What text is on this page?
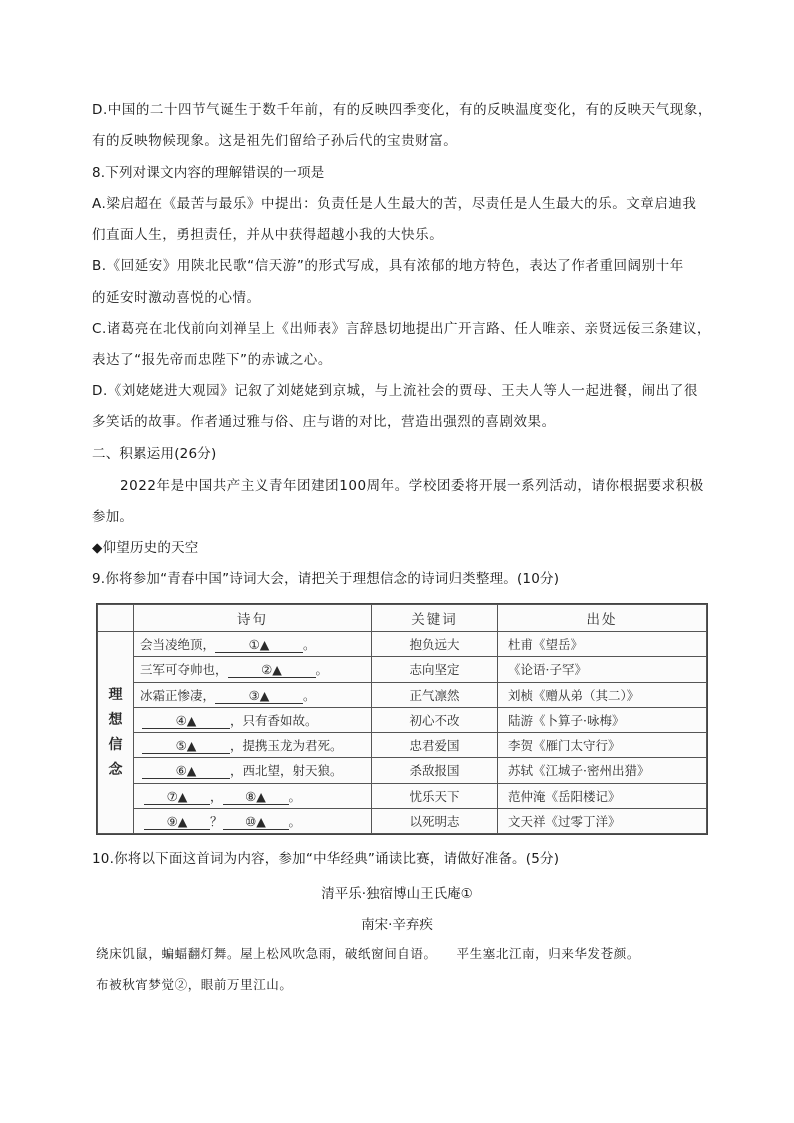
D.中国的二十四节气诞生于数千年前，有的反映四季变化，有的反映温度变化，有的反映天气现象，
有的反映物候现象。这是祖先们留给子孙后代的宝贵财富。
8.下列对课文内容的理解错误的一项是
A.梁启超在《最苦与最乐》中提出：负责任是人生最大的苦，尽责任是人生最大的乐。文章启迪我
们直面人生，勇担责任，并从中获得超越小我的大快乐。
B.《回延安》用陕北民歌“信天游”的形式写成，具有浓郁的地方特色，表达了作者重回阔别十年
的延安时激动喜悦的心情。
C.诸葛亮在北伐前向刘禅呈上《出师表》言辞恳切地提出广开言路、任人唯亲、亲贤远佞三条建议，
表达了“报先帝而忠陛下”的赤诚之心。
D.《刘姥姥进大观园》记叙了刘姥姥到京城，与上流社会的贾母、王夫人等人一起进餐，闹出了很
多笑话的故事。作者通过雅与俗、庄与谐的对比，营造出强烈的喜剧效果。
二、积累运用(26分)
2022年是中国共产主义青年团建团100周年。学校团委将开展一系列活动，请你根据要求积极
参加。
◆仰望历史的天空
9.你将参加“青春中国”诗词大会，请把关于理想信念的诗词归类整理。(10分)
	诗句	关键词	出处

理
想
信
念	会当凌绝顶， ①▲ 。	抱负远大	杜甫《望岳》
	三军可夺帅也， ②▲ 。	志向坚定	《论语·子罕》
	冰霜正惨凄， ③▲ 。	正气凛然	刘桢《赠从弟（其二）》
	④▲ ，只有香如故。	初心不改	陆游《卜算子·咏梅》
	⑤▲ ，提携玉龙为君死。	忠君爱国	李贺《雁门太守行》
	⑥▲ ，西北望，射天狼。	杀敌报国	苏轼《江城子·密州出猎》
	⑦▲ ， ⑧▲ 。	忧乐天下	范仲淹《岳阳楼记》
	⑨▲ ？ ⑩▲ 。	以死明志	文天祥《过零丁洋》
10.你将以下面这首词为内容，参加“中华经典”诵读比赛，请做好准备。(5分)
清平乐·独宿博山王氏庵①
南宋·辛弃疾
绕床饥鼠，蝙蝠翻灯舞。屋上松风吹急雨，破纸窗间自语。　　平生塞北江南，归来华发苍颜。
布被秋宵梦觉②，眼前万里江山。
